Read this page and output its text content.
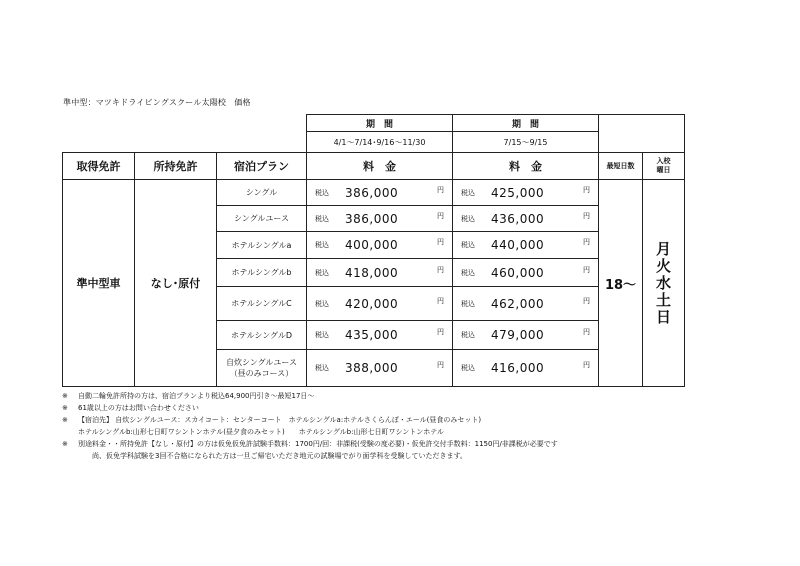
準中型：マツキドライビングスクール太陽校　価格
			期　間	期　間		
			4/1～7/14･9/16～11/30	7/15～9/15		
取得免許	所持免許	宿泊プラン	料　金	料　金	最短日数	入校
曜日
準中型車	なし･原付	シングル	税込 386,000 円	税込 425,000 円	18～	月
火
水
土
日
		シングルユース	税込 386,000 円	税込 436,000 円		

		ホテルシングルa	税込 400,000 円	税込 440,000 円		

		ホテルシングルb	税込 418,000 円	税込 460,000 円		

		ホテルシングルC	税込 420,000 円	税込 462,000 円		

		ホテルシングルD	税込 435,000 円	税込 479,000 円		

		自炊シングルユース
（昼のみコース）	税込 388,000 円	税込 416,000 円		
※ 自動二輪免許所持の方は、宿泊プランより税込64,900円引き～最短17日～
※ 61歳以上の方はお問い合わせください
※ 【宿泊先】 自炊シングルユース：スカイコート：センターコート　ホテルシングルa:ホテルさくらんぼ・エール(昼食のみセット)
ホテルシングルb:山形七日町ワシントンホテル(昼夕食のみセット)　　ホテルシングルb:山形七日町ワシントンホテル
※ 別途料金・・所持免許【なし・原付】の方は仮免仮免許試験手数料：1700円/回：非課税(受験の度必要)・仮免許交付手数料：1150円/非課税が必要です
　　尚、仮免学科試験を3回不合格になられた方は一旦ご帰宅いただき地元の試験場でがり面学科を受験していただきます。
